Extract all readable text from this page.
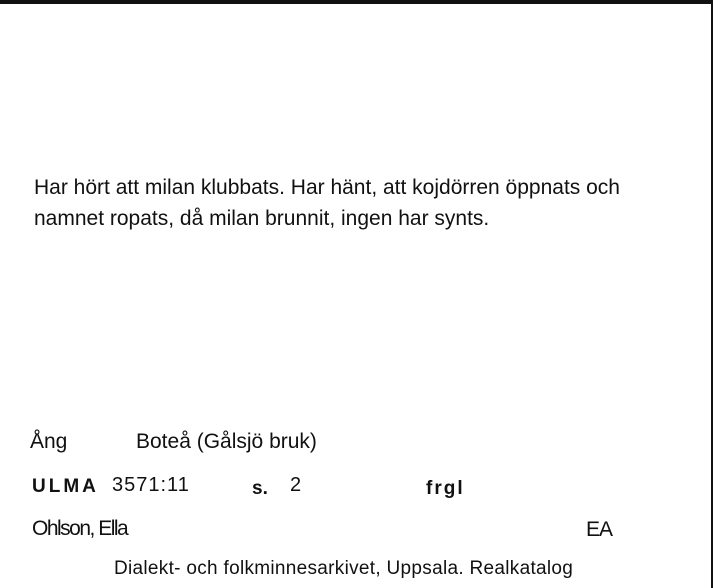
Har hört att milan klubbats. Har hänt, att kojdörren öppnats och
namnet ropats, då milan brunnit, ingen har synts.
Ång	Boteå (Gålsjö bruk)
ULMA 3571:11	s. 2	frgl
Ohlson, Ella	EA
Dialekt- och folkminnesarkivet, Uppsala. Realkatalog
